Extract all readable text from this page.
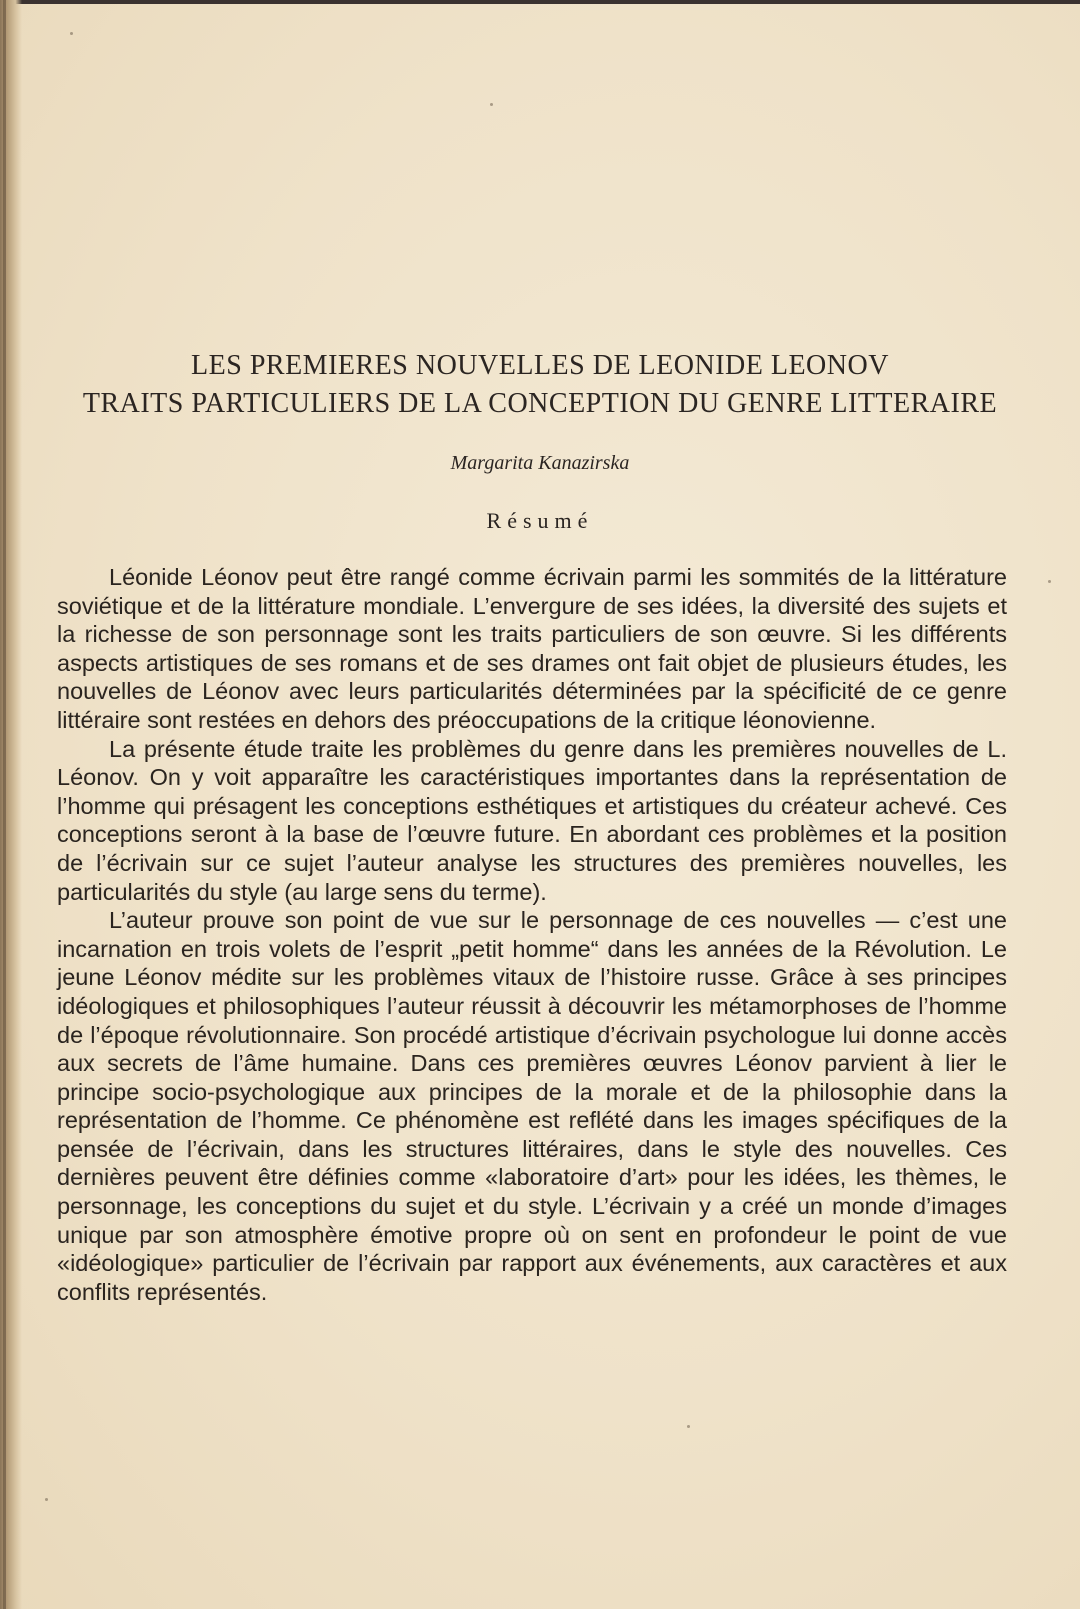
LES PREMIERES NOUVELLES DE LEONIDE LEONOV
TRAITS PARTICULIERS DE LA CONCEPTION DU GENRE LITTERAIRE
Margarita Kanazirska
Résumé

Léonide Léonov peut être rangé comme écrivain parmi les sommités de la littérature soviétique et de la littérature mondiale. L’envergure de ses idées, la diversité des sujets et la richesse de son personnage sont les traits particuliers de son œuvre. Si les différents aspects artistiques de ses romans et de ses drames ont fait objet de plusieurs études, les nouvelles de Léonov avec leurs particularités déterminées par la spécificité de ce genre littéraire sont restées en dehors des préoccupations de la critique léonovienne.

La présente étude traite les problèmes du genre dans les premières nouvelles de L. Léonov. On y voit apparaître les caractéristiques importantes dans la représentation de l’homme qui présagent les conceptions esthétiques et artistiques du créateur achevé. Ces conceptions seront à la base de l’œuvre future. En abordant ces problèmes et la position de l’écrivain sur ce sujet l’auteur analyse les structures des premières nouvelles, les particularités du style (au large sens du terme).

L’auteur prouve son point de vue sur le personnage de ces nouvelles — c’est une incarnation en trois volets de l’esprit „petit homme“ dans les années de la Révolution. Le jeune Léonov médite sur les problèmes vitaux de l’histoire russe. Grâce à ses principes idéologiques et philosophiques l’auteur réussit à découvrir les métamorphoses de l’homme de l’époque révolutionnaire. Son procédé artistique d’écrivain psychologue lui donne accès aux secrets de l’âme humaine. Dans ces premières œuvres Léonov parvient à lier le principe socio-psychologique aux principes de la morale et de la philosophie dans la représentation de l’homme. Ce phénomène est reflété dans les images spécifiques de la pensée de l’écrivain, dans les structures littéraires, dans le style des nouvelles. Ces dernières peuvent être définies comme «laboratoire d’art» pour les idées, les thèmes, le personnage, les conceptions du sujet et du style. L’écrivain y a créé un monde d’images unique par son atmosphère émotive propre où on sent en profondeur le point de vue «idéologique» particulier de l’écrivain par rapport aux événements, aux caractères et aux conflits représentés.
